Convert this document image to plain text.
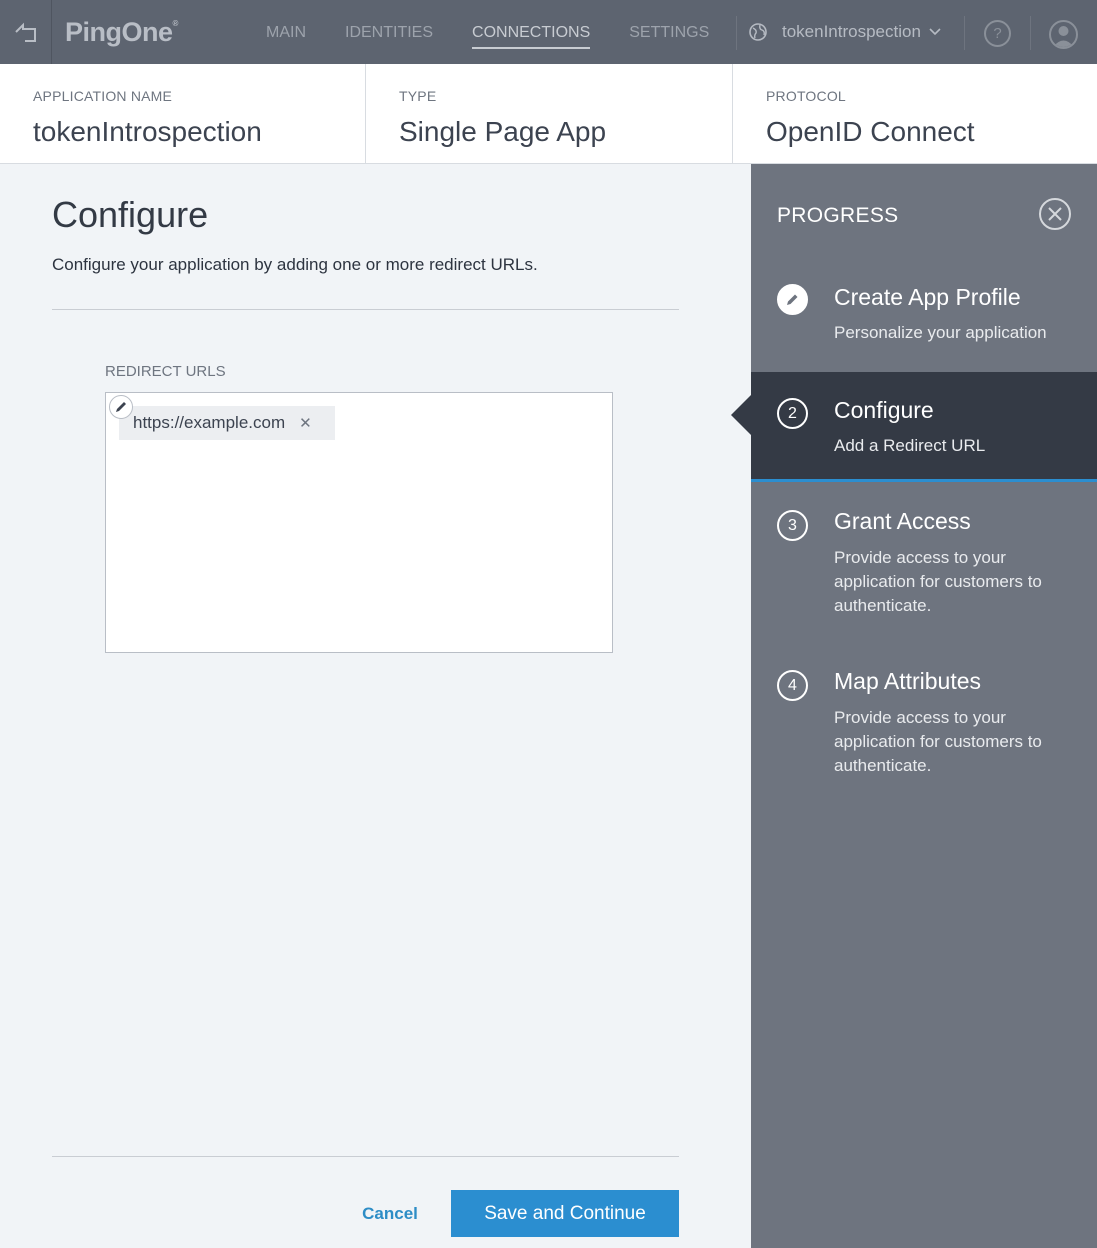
PingOne®
MAIN IDENTITIES CONNECTIONS SETTINGS	tokenIntrospection	?
APPLICATION NAME
tokenIntrospection
TYPE
Single Page App
PROTOCOL
OpenID Connect
Configure
Configure your application by adding one or more redirect URLs.
REDIRECT URLS
https://example.com ✕
Cancel	Save and Continue
PROGRESS
Create App Profile
Personalize your application
2	Configure
Add a Redirect URL
3	Grant Access
Provide access to your application for customers to authenticate.
4	Map Attributes
Provide access to your application for customers to authenticate.
